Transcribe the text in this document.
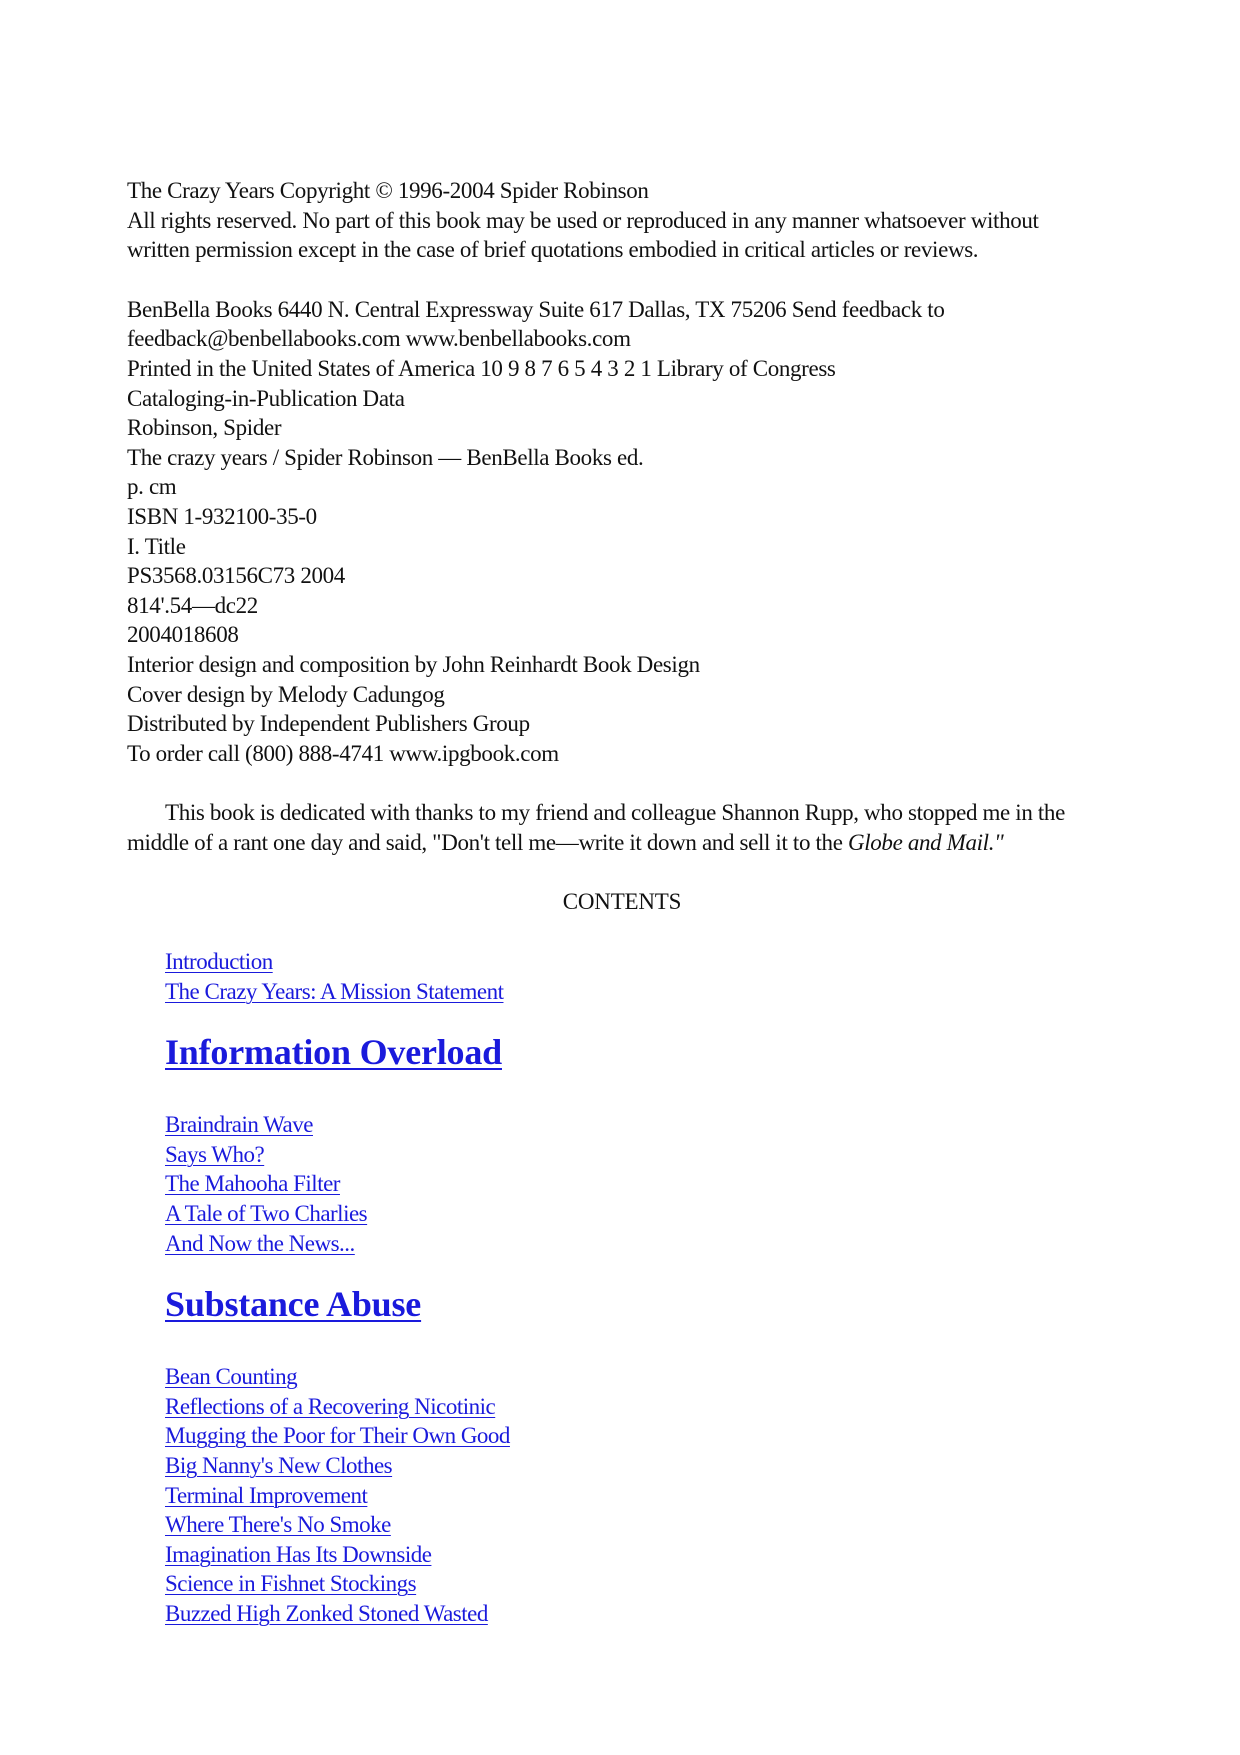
The Crazy Years Copyright © 1996-2004 Spider Robinson
All rights reserved. No part of this book may be used or reproduced in any manner whatsoever without
written permission except in the case of brief quotations embodied in critical articles or reviews.
BenBella Books 6440 N. Central Expressway Suite 617 Dallas, TX 75206 Send feedback to
feedback@benbellabooks.com www.benbellabooks.com
Printed in the United States of America 10 9 8 7 6 5 4 3 2 1 Library of Congress
Cataloging-in-Publication Data
Robinson, Spider
The crazy years / Spider Robinson — BenBella Books ed.
p. cm
ISBN 1-932100-35-0
I. Title
PS3568.03156C73 2004
814'.54—dc22
2004018608
Interior design and composition by John Reinhardt Book Design
Cover design by Melody Cadungog
Distributed by Independent Publishers Group
To order call (800) 888-4741 www.ipgbook.com
This book is dedicated with thanks to my friend and colleague Shannon Rupp, who stopped me in the middle of a rant one day and said, "Don't tell me—write it down and sell it to the Globe and Mail."
CONTENTS
Introduction
The Crazy Years: A Mission Statement
Information Overload
Braindrain Wave
Says Who?
The Mahooha Filter
A Tale of Two Charlies
And Now the News...
Substance Abuse
Bean Counting
Reflections of a Recovering Nicotinic
Mugging the Poor for Their Own Good
Big Nanny's New Clothes
Terminal Improvement
Where There's No Smoke
Imagination Has Its Downside
Science in Fishnet Stockings
Buzzed High Zonked Stoned Wasted
